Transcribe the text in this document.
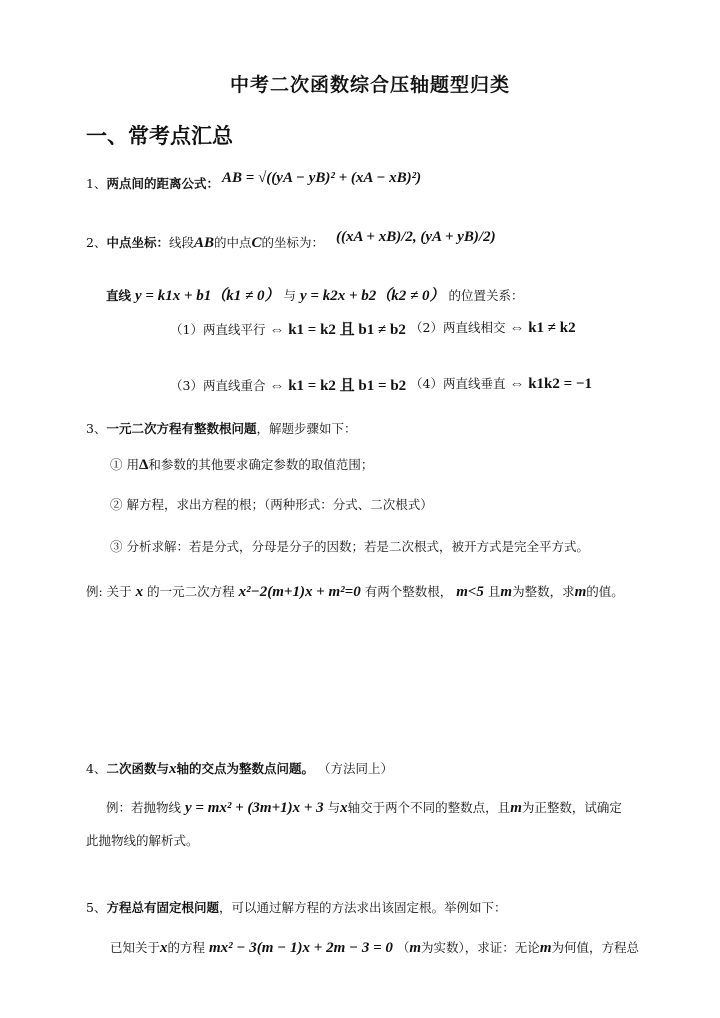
中考二次函数综合压轴题型归类
一、常考点汇总
1、两点间的距离公式： AB = √((yA − yB)² + (xA − xB)²)
2、中点坐标：线段AB的中点C的坐标为： ((xA + xB)/2, (yA + yB)/2)
直线 y = k1x + b1（k1 ≠ 0） 与 y = k2x + b2（k2 ≠ 0） 的位置关系：
（1）两直线平行 ⇔ k1 = k2 且 b1 ≠ b2 （2）两直线相交 ⇔ k1 ≠ k2
（3）两直线重合 ⇔ k1 = k2 且 b1 = b2 （4）两直线垂直 ⇔ k1k2 = −1
3、一元二次方程有整数根问题，解题步骤如下：
① 用Δ和参数的其他要求确定参数的取值范围；
② 解方程，求出方程的根；（两种形式：分式、二次根式）
③ 分析求解：若是分式，分母是分子的因数；若是二次根式，被开方式是完全平方式。
例: 关于 x 的一元二次方程 x²−2(m+1)x + m²=0 有两个整数根， m<5 且m为整数，求m的值。
4、二次函数与x轴的交点为整数点问题。 （方法同上）
例：若抛物线 y = mx² + (3m+1)x + 3 与x轴交于两个不同的整数点，且m为正整数，试确定
此抛物线的解析式。
5、方程总有固定根问题，可以通过解方程的方法求出该固定根。举例如下：
已知关于x的方程 mx² − 3(m − 1)x + 2m − 3 = 0 （m为实数），求证：无论m为何值，方程总
